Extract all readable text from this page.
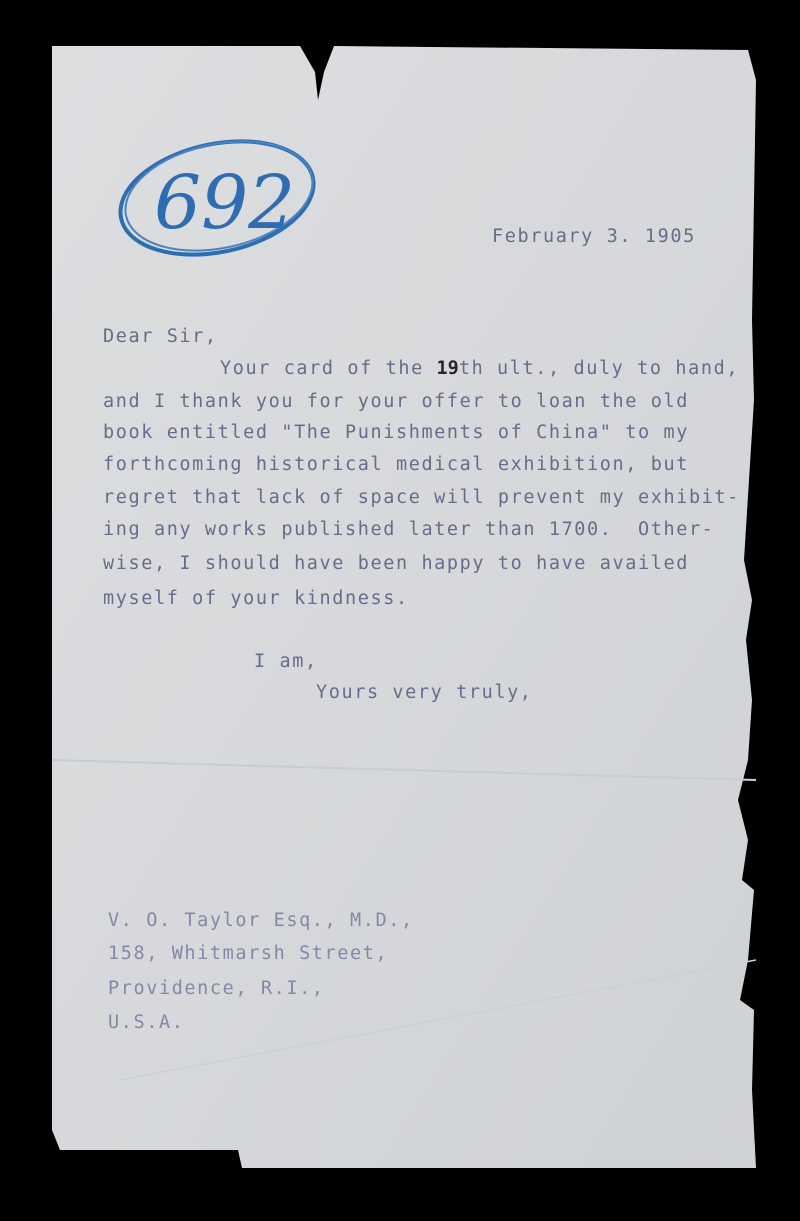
692	February 3. 1905

Dear Sir,

Your card of the 19th ult., duly to hand,

and I thank you for your offer to loan the old

book entitled "The Punishments of China" to my

forthcoming historical medical exhibition, but

regret that lack of space will prevent my exhibit-

ing any works published later than 1700.  Other-

wise, I should have been happy to have availed

myself of your kindness.

I am,

Yours very truly,

V. O. Taylor Esq., M.D.,

158, Whitmarsh Street,

Providence, R.I.,

U.S.A.
